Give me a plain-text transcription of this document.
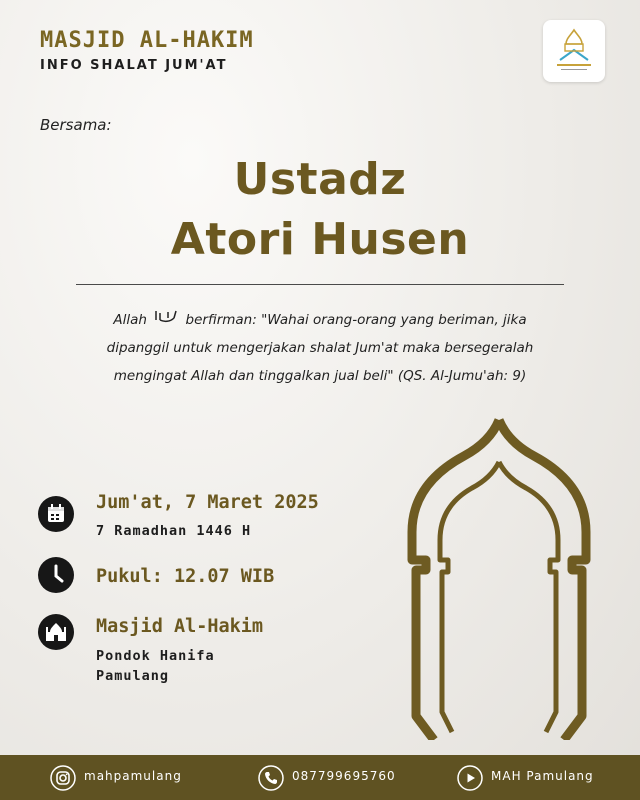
MASJID AL-HAKIM
INFO SHALAT JUM'AT
Bersama:
Ustadz
Atori Husen
Allah	berfirman: "Wahai orang-orang yang beriman, jika
dipanggil untuk mengerjakan shalat Jum'at maka bersegeralah
mengingat Allah dan tinggalkan jual beli" (QS. Al-Jumu'ah: 9)
Jum'at, 7 Maret 2025
7 Ramadhan 1446 H
Pukul: 12.07 WIB
Masjid Al-Hakim
Pondok Hanifa
Pamulang
mahpamulang	087799695760	MAH Pamulang
